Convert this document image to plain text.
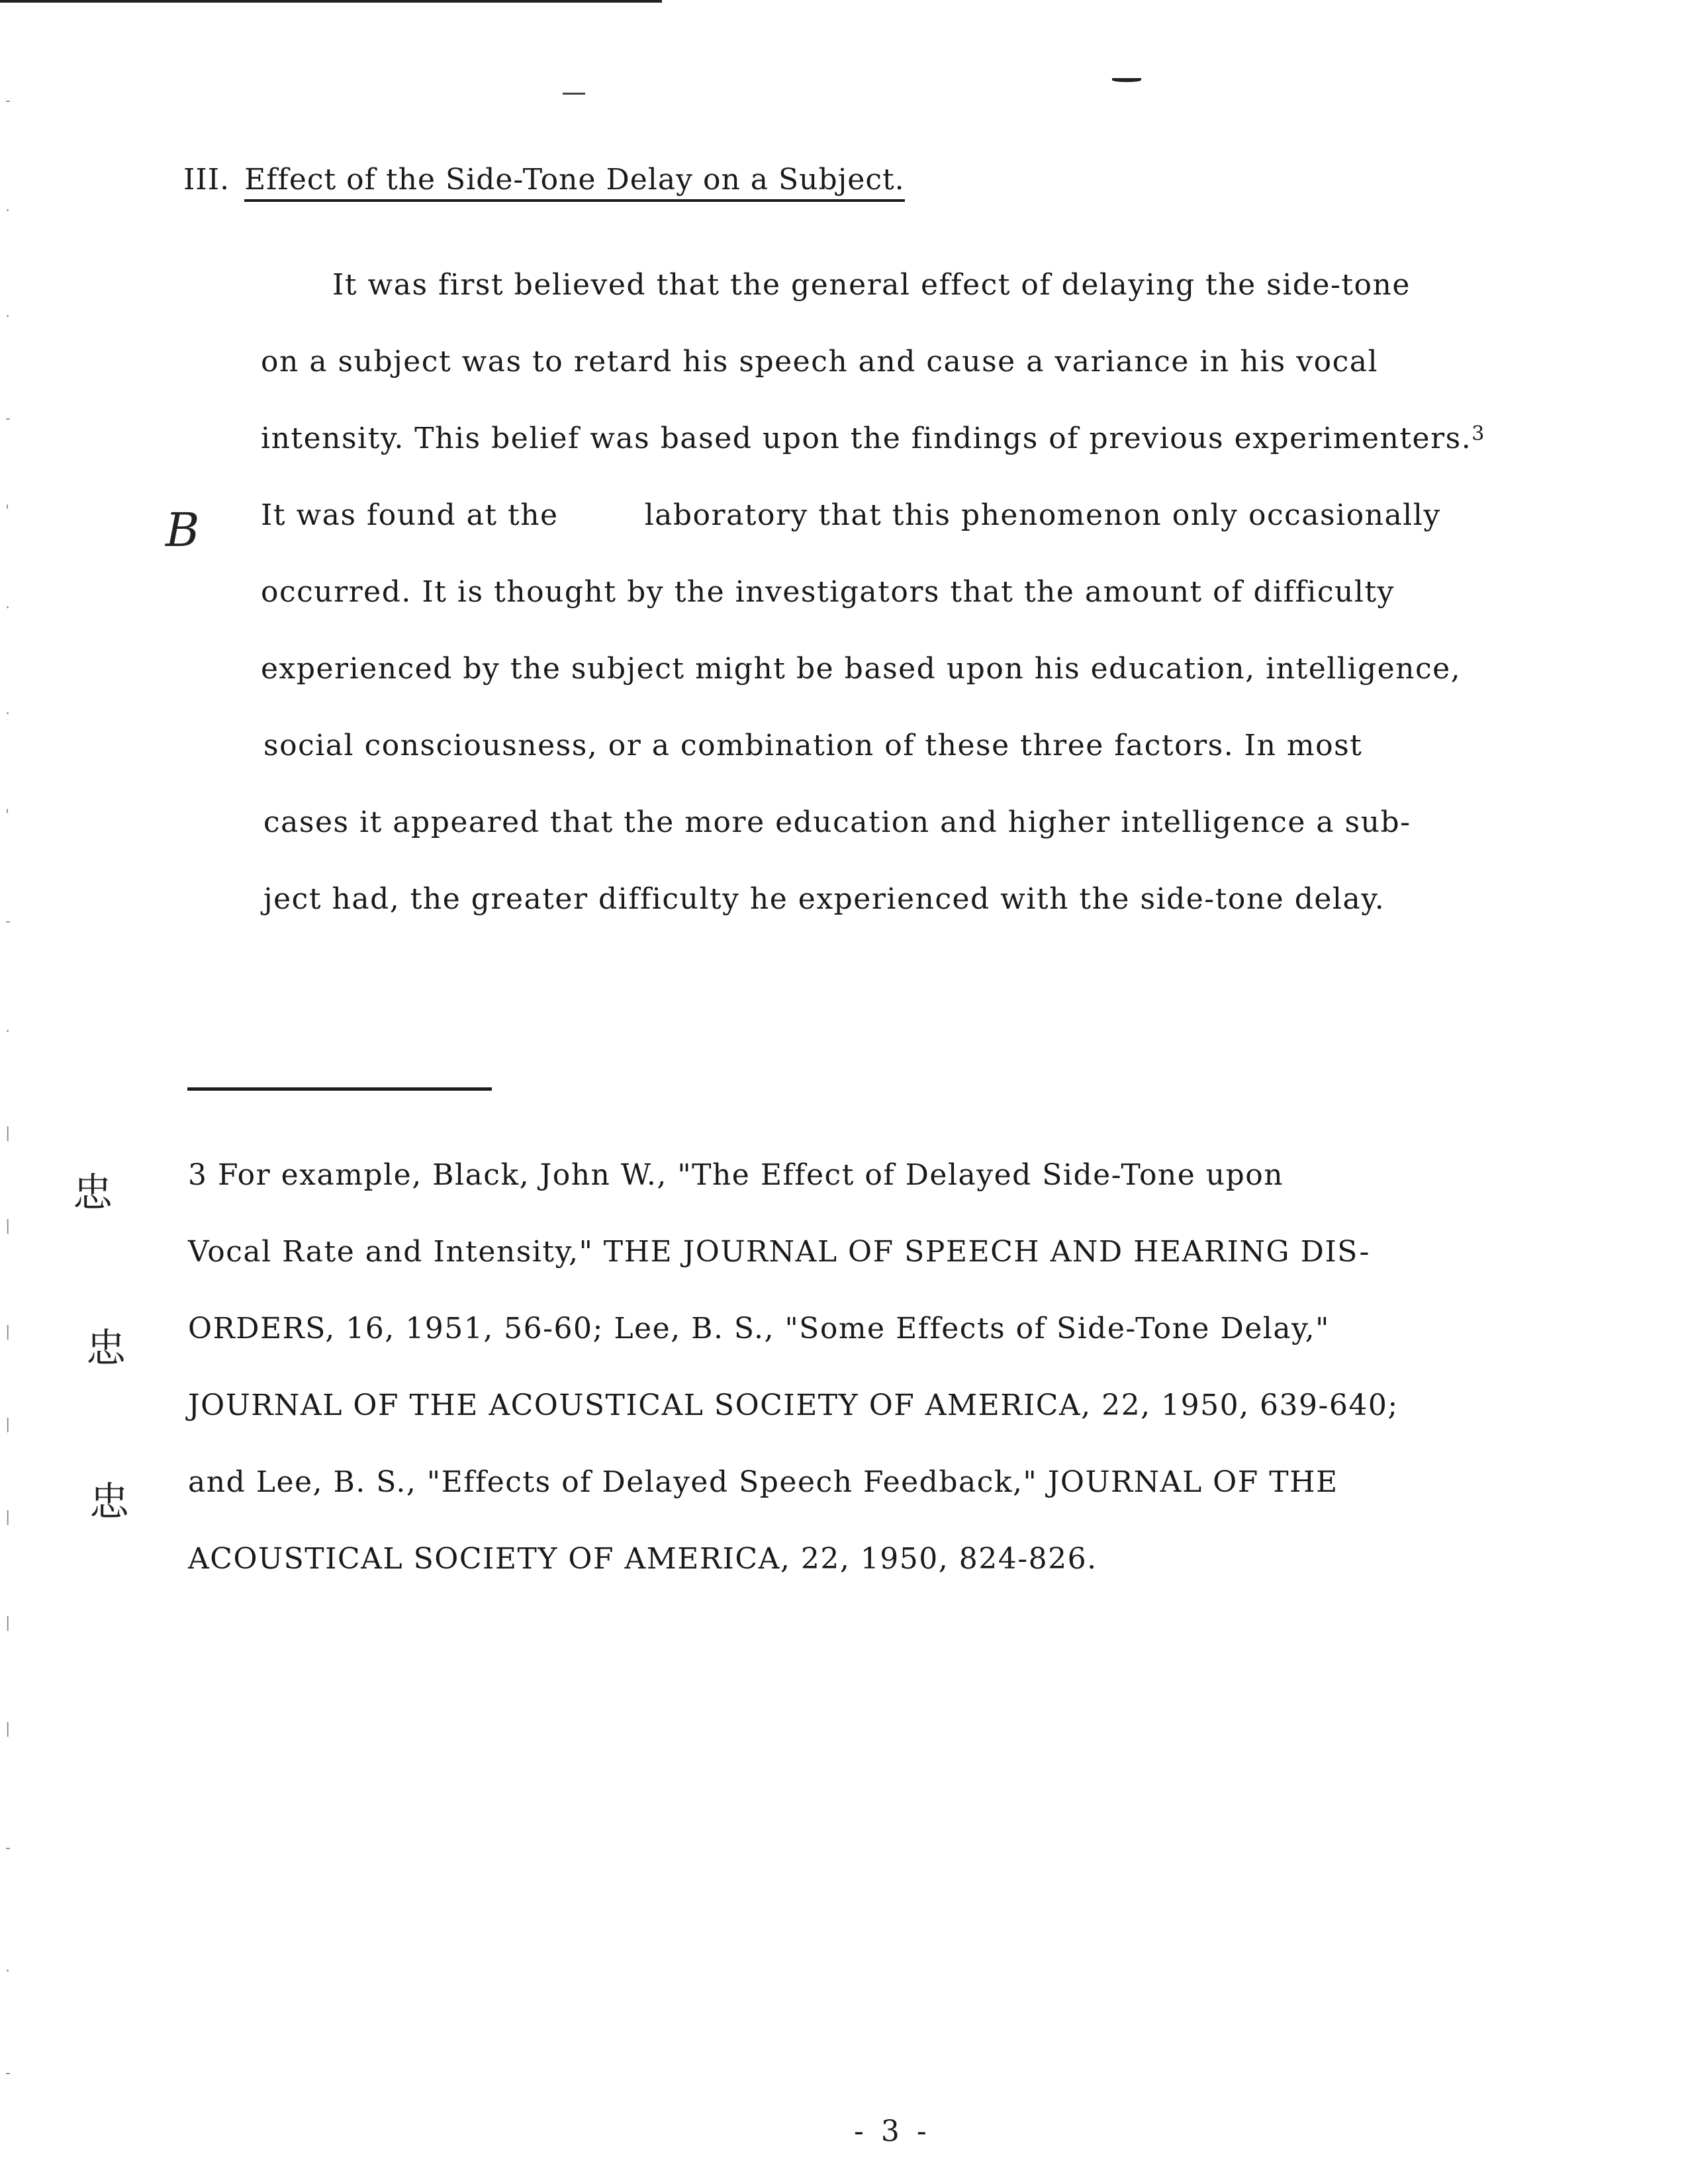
-
.
.
-
'
.
.
'
-
.
|
|
|
|
|
|
|
-
.
-
III. Effect of the Side-Tone Delay on a Subject.
B
It was first believed that the general effect of delaying the side-tone
on a subject was to retard his speech and cause a variance in his vocal
intensity. This belief was based upon the findings of previous experimenters.$^3$
It was found at the	laboratory that this phenomenon only occasionally
occurred. It is thought by the investigators that the amount of difficulty
experienced by the subject might be based upon his education, intelligence,
social consciousness, or a combination of these three factors. In most
cases it appeared that the more education and higher intelligence a sub-
ject had, the greater difficulty he experienced with the side-tone delay.
忠
忠
忠
3 For example, Black, John W., "The Effect of Delayed Side-Tone upon
Vocal Rate and Intensity," THE JOURNAL OF SPEECH AND HEARING DIS-
ORDERS, 16, 1951, 56-60; Lee, B. S., "Some Effects of Side-Tone Delay,"
JOURNAL OF THE ACOUSTICAL SOCIETY OF AMERICA, 22, 1950, 639-640;
and Lee, B. S., "Effects of Delayed Speech Feedback," JOURNAL OF THE
ACOUSTICAL SOCIETY OF AMERICA, 22, 1950, 824-826.
- 3 -
